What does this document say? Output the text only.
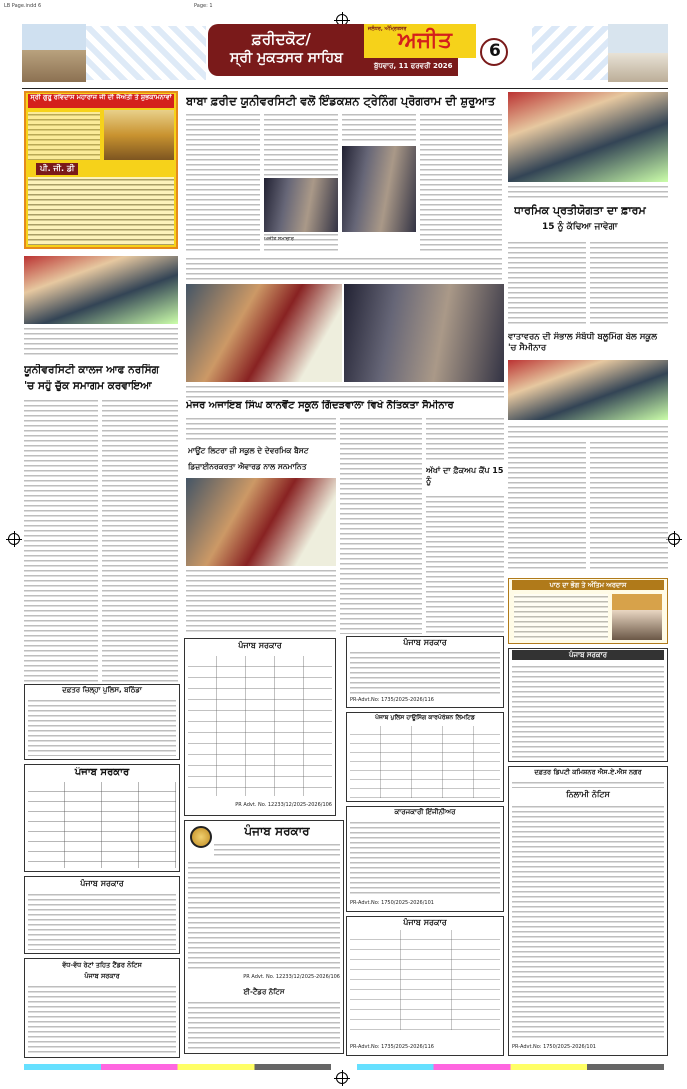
LB Page.indd 6	Page: 1
ਫ਼ਰੀਦਕੋਟ/
ਸ੍ਰੀ ਮੁਕਤਸਰ ਸਾਹਿਬ
ਜਲੰਧਰ, ਅੰਮ੍ਰਿਤਸਰ
ਅਜੀਤ
ਬੁੱਧਵਾਰ, 11 ਫਰਵਰੀ 2026
6
ਸ੍ਰੀ ਗੁਰੂ ਰਵਿਦਾਸ ਮਹਾਰਾਜ ਜੀ ਦੀ ਜੈਅੰਤੀ ਤੇ ਸ਼ੁਭਕਾਮਨਾਵਾਂ
ਪੀ. ਜੀ. ਡੀ
ਬਾਬਾ ਫ਼ਰੀਦ ਯੂਨੀਵਰਸਿਟੀ ਵਲੋਂ ਇੰਡਕਸ਼ਨ ਟ੍ਰੇਨਿੰਗ ਪ੍ਰੋਗਰਾਮ ਦੀ ਸ਼ੁਰੂਆਤ
ਅਜੀਤ ਸਮਾਚਾਰ
ਧਾਰਮਿਕ ਪ੍ਰਤੀਯੋਗਤਾ ਦਾ ਫ਼ਾਰਮ
15 ਨੂੰ ਕੱਢਿਆ ਜਾਵੇਗਾ
ਯੂਨੀਵਰਸਿਟੀ ਕਾਲਜ ਆਫ ਨਰਸਿੰਗ
'ਚ ਸਹੁੰ ਚੁੱਕ ਸਮਾਗਮ ਕਰਵਾਇਆ
ਮੇਜਰ ਅਜਾਇਬ ਸਿੰਘ ਕਾਨਵੈਂਟ ਸਕੂਲ ਗਿੱਦੜਵਾਲਾ ਵਿਖੇ ਨੈਤਿਕਤਾ ਸੈਮੀਨਾਰ
ਮਾਊਂਟ ਲਿਟਰਾ ਜ਼ੀ ਸਕੂਲ ਦੇ ਦੇਵਰਮਿਕ ਬੈਸਟ
ਡਿਜ਼ਾਈਨਰਕਰਤਾ ਐਵਾਰਡ ਨਾਲ ਸਨਮਾਨਿਤ	ਅੱਖਾਂ ਦਾ ਫ਼ੈਕਅਪ ਕੈਂਪ 15 ਨੂੰ
ਵਾਤਾਵਰਨ ਦੀ ਸੰਭਾਲ ਸੰਬੰਧੀ ਬਲੂਮਿੰਗ ਬੇਲ ਸਕੂਲ 'ਚ ਸੈਮੀਨਾਰ
ਪਾਠ ਦਾ ਭੋਗ ਤੇ ਅੰਤਿਮ ਅਰਦਾਸ
ਦਫ਼ਤਰ ਜ਼ਿਲ੍ਹਾ ਪੁਲਿਸ, ਬਠਿੰਡਾ
ਪੰਜਾਬ ਸਰਕਾਰ
ਪੰਜਾਬ ਸਰਕਾਰ
ਵੱਧ-ਵੱਧ ਰੇਟਾਂ ਤਹਿਤ ਟੈਂਡਰ ਨੋਟਿਸ
ਪੰਜਾਬ ਸਰਕਾਰ
ਪੰਜਾਬ ਸਰਕਾਰ
PR Advt. No. 12233/12/2025-2026/106
ਪੰਜਾਬ ਸਰਕਾਰ
PR Advt. No. 12233/12/2025-2026/106
ਈ-ਟੈਂਡਰ ਨੋਟਿਸ
ਪੰਜਾਬ ਸਰਕਾਰ
PR-Advt.No: 1735/2025-2026/116
ਪੰਜਾਬ ਪੁਲਿਸ ਹਾਊਸਿੰਗ ਕਾਰਪੋਰੇਸ਼ਨ ਲਿਮਟਿਡ
ਕਾਰਜਕਾਰੀ ਇੰਜੀਨੀਅਰ
PR-Advt.No: 1750/2025-2026/101
ਪੰਜਾਬ ਸਰਕਾਰ
PR-Advt.No: 1735/2025-2026/116
ਪੰਜਾਬ ਸਰਕਾਰ
ਦਫ਼ਤਰ ਡਿਪਟੀ ਕਮਿਸ਼ਨਰ ਐਸ.ਏ.ਐਸ ਨਗਰ
ਨਿਲਾਮੀ ਨੋਟਿਸ
PR-Advt.No: 1750/2025-2026/101
